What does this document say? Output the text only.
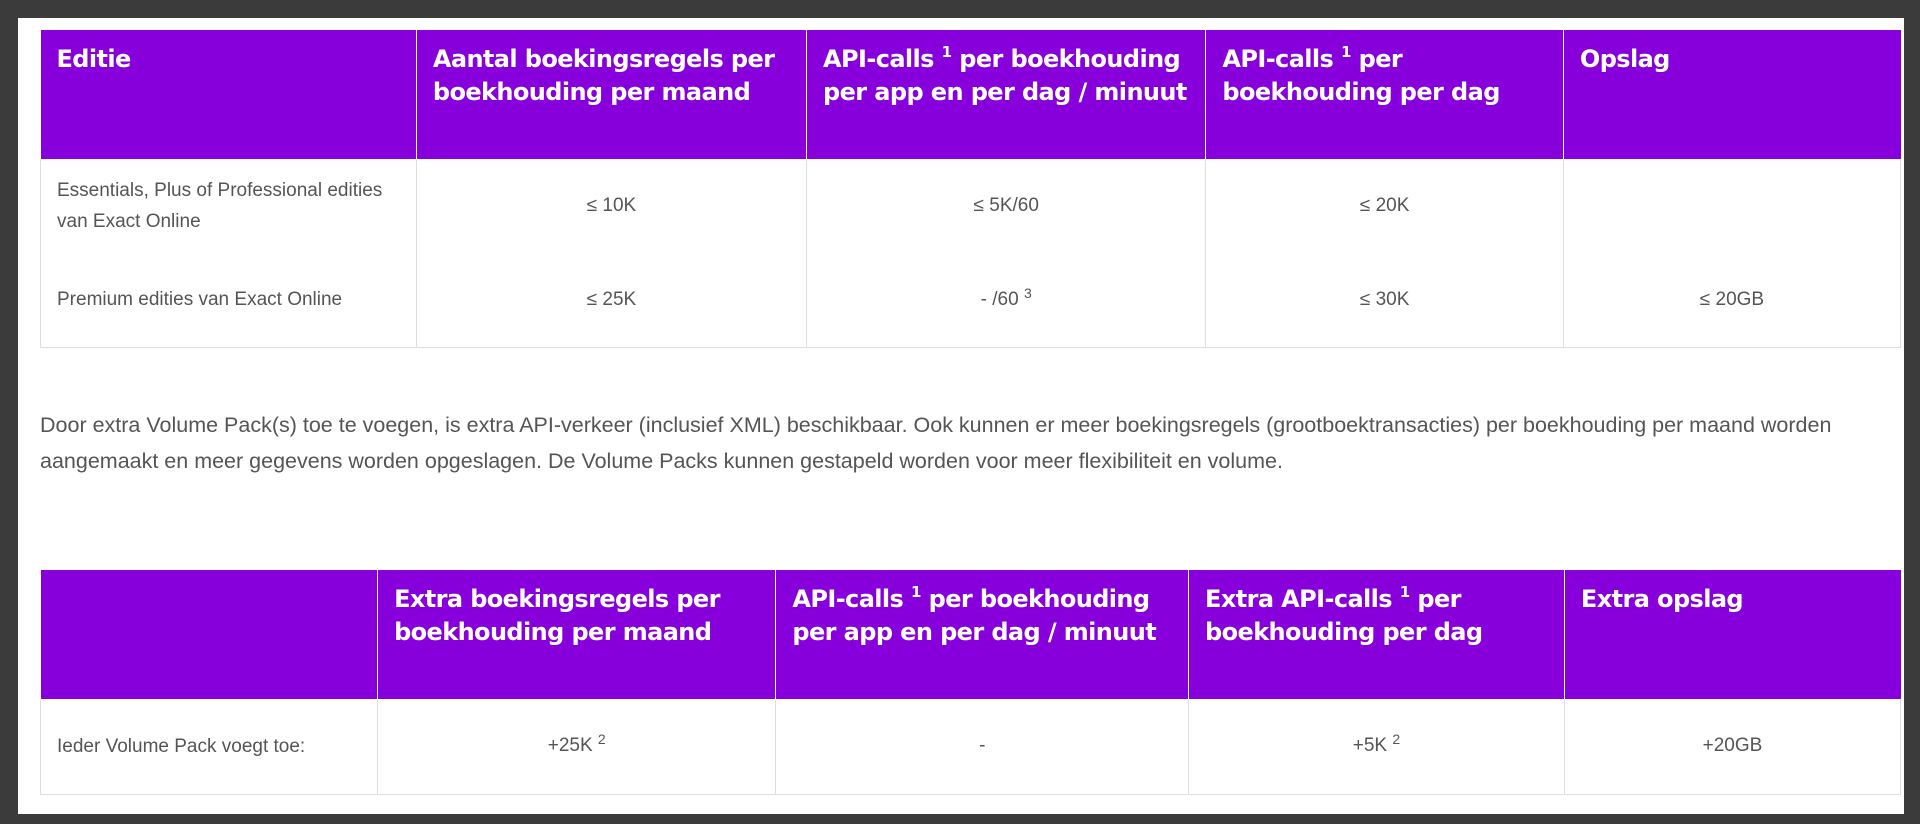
Editie	Aantal boekingsregels per boekhouding per maand	API-calls $^1$ per boekhouding per app en per dag / minuut	API-calls $^1$ per boekhouding per dag	Opslag
Essentials, Plus of Professional edities van Exact Online	≤ 10K	≤ 5K/60	≤ 20K	
Premium edities van Exact Online	≤ 25K	- /60 $^3$	≤ 30K	≤ 20GB

Door extra Volume Pack(s) toe te voegen, is extra API-verkeer (inclusief XML) beschikbaar. Ook kunnen er meer boekingsregels (grootboektransacties) per boekhouding per maand worden aangemaakt en meer gegevens worden opgeslagen. De Volume Packs kunnen gestapeld worden voor meer flexibiliteit en volume.

	Extra boekingsregels per boekhouding per maand	API-calls $^1$ per boekhouding per app en per dag / minuut	Extra API-calls $^1$ per boekhouding per dag	Extra opslag

Ieder Volume Pack voegt toe:	+25K $^2$	-	+5K $^2$	+20GB
